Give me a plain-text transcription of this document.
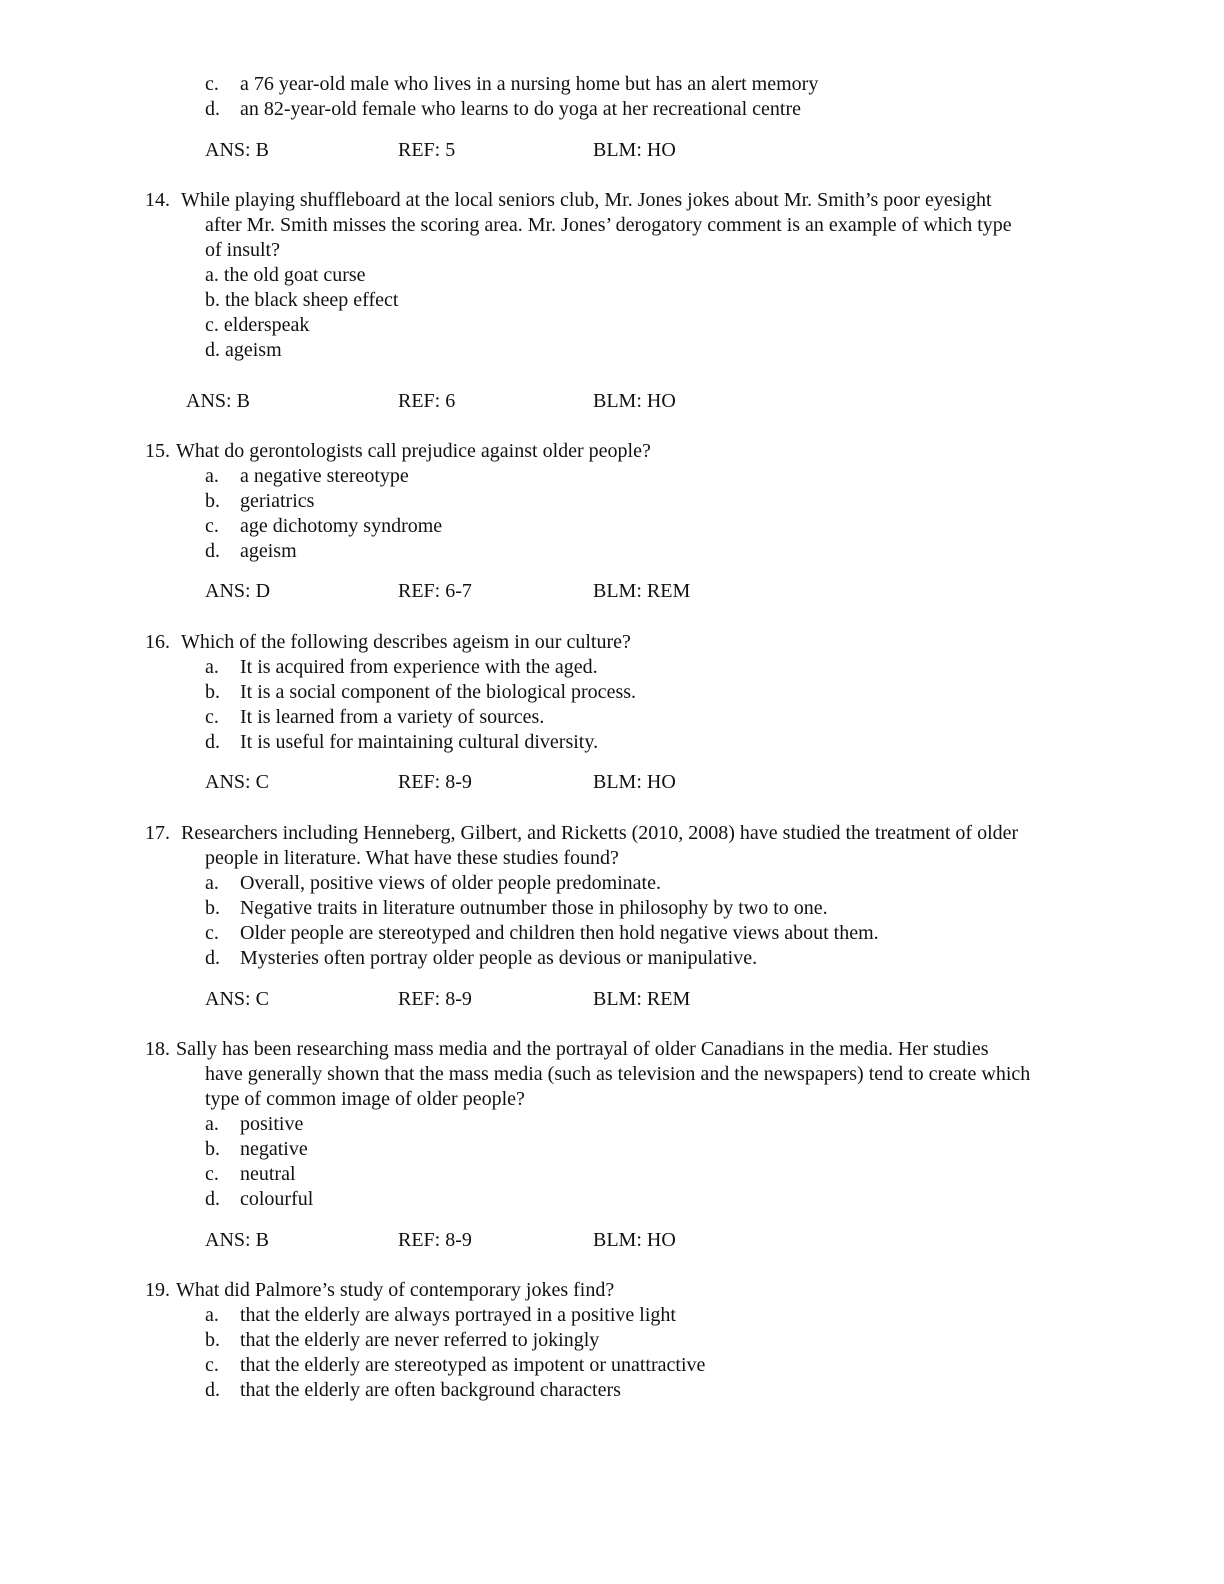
c. a 76 year-old male who lives in a nursing home but has an alert memory
d. an 82-year-old female who learns to do yoga at her recreational centre
ANS: B	REF: 5	BLM: HO
14. While playing shuffleboard at the local seniors club, Mr. Jones jokes about Mr. Smith’s poor eyesight
after Mr. Smith misses the scoring area. Mr. Jones’ derogatory comment is an example of which type
of insult?
a. the old goat curse
b. the black sheep effect
c. elderspeak
d. ageism
ANS: B	REF: 6	BLM: HO
15. What do gerontologists call prejudice against older people?
a. a negative stereotype
b. geriatrics
c. age dichotomy syndrome
d. ageism
ANS: D	REF: 6-7	BLM: REM
16. Which of the following describes ageism in our culture?
a. It is acquired from experience with the aged.
b. It is a social component of the biological process.
c. It is learned from a variety of sources.
d. It is useful for maintaining cultural diversity.
ANS: C	REF: 8-9	BLM: HO
17. Researchers including Henneberg, Gilbert, and Ricketts (2010, 2008) have studied the treatment of older
people in literature. What have these studies found?
a. Overall, positive views of older people predominate.
b. Negative traits in literature outnumber those in philosophy by two to one.
c. Older people are stereotyped and children then hold negative views about them.
d. Mysteries often portray older people as devious or manipulative.
ANS: C	REF: 8-9	BLM: REM
18. Sally has been researching mass media and the portrayal of older Canadians in the media. Her studies
have generally shown that the mass media (such as television and the newspapers) tend to create which
type of common image of older people?
a. positive
b. negative
c. neutral
d. colourful
ANS: B	REF: 8-9	BLM: HO
19. What did Palmore’s study of contemporary jokes find?
a. that the elderly are always portrayed in a positive light
b. that the elderly are never referred to jokingly
c. that the elderly are stereotyped as impotent or unattractive
d. that the elderly are often background characters
